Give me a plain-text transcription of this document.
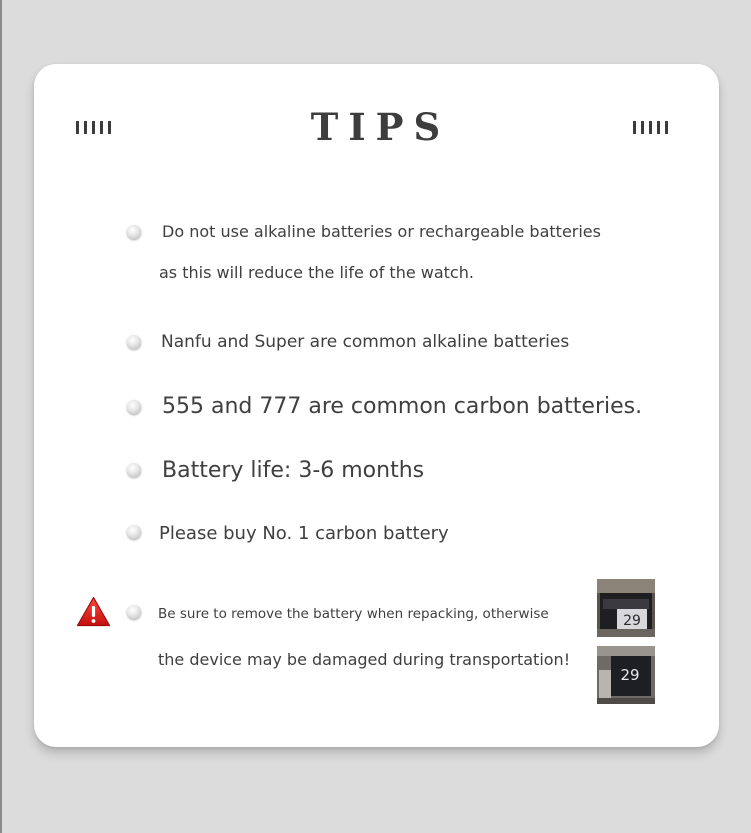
TIPS
Do not use alkaline batteries or rechargeable batteries
as this will reduce the life of the watch.
Nanfu and Super are common alkaline batteries
555 and 777 are common carbon batteries.
Battery life: 3-6 months
Please buy No. 1 carbon battery
Be sure to remove the battery when repacking, otherwise
the device may be damaged during transportation!
29
29
